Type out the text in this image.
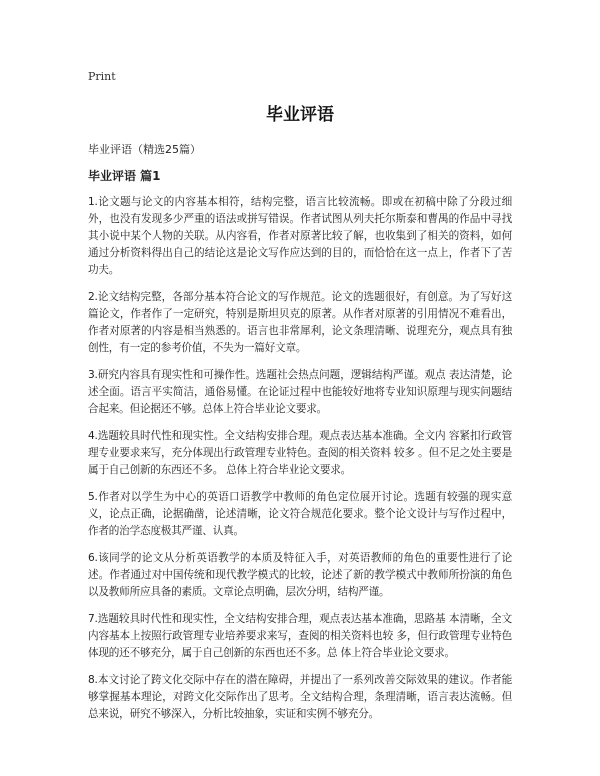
Print
毕业评语

毕业评语（精选25篇）

毕业评语 篇1

1.论文题与论文的内容基本相符，结构完整，语言比较流畅。即或在初稿中除了分段过细外，也没有发现多少严重的语法或拼写错误。作者试图从列夫托尔斯泰和曹禺的作品中寻找其小说中某个人物的关联。从内容看，作者对原著比较了解，也收集到了相关的资料，如何通过分析资料得出自己的结论这是论文写作应达到的目的，而恰恰在这一点上，作者下了苦功夫。

2.论文结构完整，各部分基本符合论文的写作规范。论文的选题很好，有创意。为了写好这篇论文，作者作了一定研究，特别是斯坦贝克的原著。从作者对原著的引用情况不难看出，作者对原著的内容是相当熟悉的。语言也非常犀利，论文条理清晰、说理充分，观点具有独创性，有一定的参考价值，不失为一篇好文章。

3.研究内容具有现实性和可操作性。选题社会热点问题，逻辑结构严谨。观点 表达清楚，论述全面。语言平实简洁，通俗易懂。在论证过程中也能较好地将专业知识原理与现实问题结合起来。但论据还不够。总体上符合毕业论文要求。

4.选题较具时代性和现实性。全文结构安排合理。观点表达基本准确。全文内 容紧扣行政管理专业要求来写，充分体现出行政管理专业特色。查阅的相关资料 较多 。但不足之处主要是属于自己创新的东西还不多。 总体上符合毕业论文要求。

5.作者对以学生为中心的英语口语教学中教师的角色定位展开讨论。选题有较强的现实意义，论点正确，论据确凿，论述清晰，论文符合规范化要求。整个论文设计与写作过程中，作者的治学态度极其严谨、认真。

6.该同学的论文从分析英语教学的本质及特征入手，对英语教师的角色的重要性进行了论述。作者通过对中国传统和现代教学模式的比较，论述了新的教学模式中教师所扮演的角色以及教师所应具备的素质。文章论点明确，层次分明，结构严谨。

7.选题较具时代性和现实性，全文结构安排合理，观点表达基本准确，思路基 本清晰，全文内容基本上按照行政管理专业培养要求来写，查阅的相关资料也较 多，但行政管理专业特色体现的还不够充分，属于自己创新的东西也还不多。总 体上符合毕业论文要求。

8.本文讨论了跨文化交际中存在的潜在障碍，并提出了一系列改善交际效果的建议。作者能够掌握基本理论，对跨文化交际作出了思考。全文结构合理，条理清晰，语言表达流畅。但总来说，研究不够深入，分析比较抽象，实证和实例不够充分。
